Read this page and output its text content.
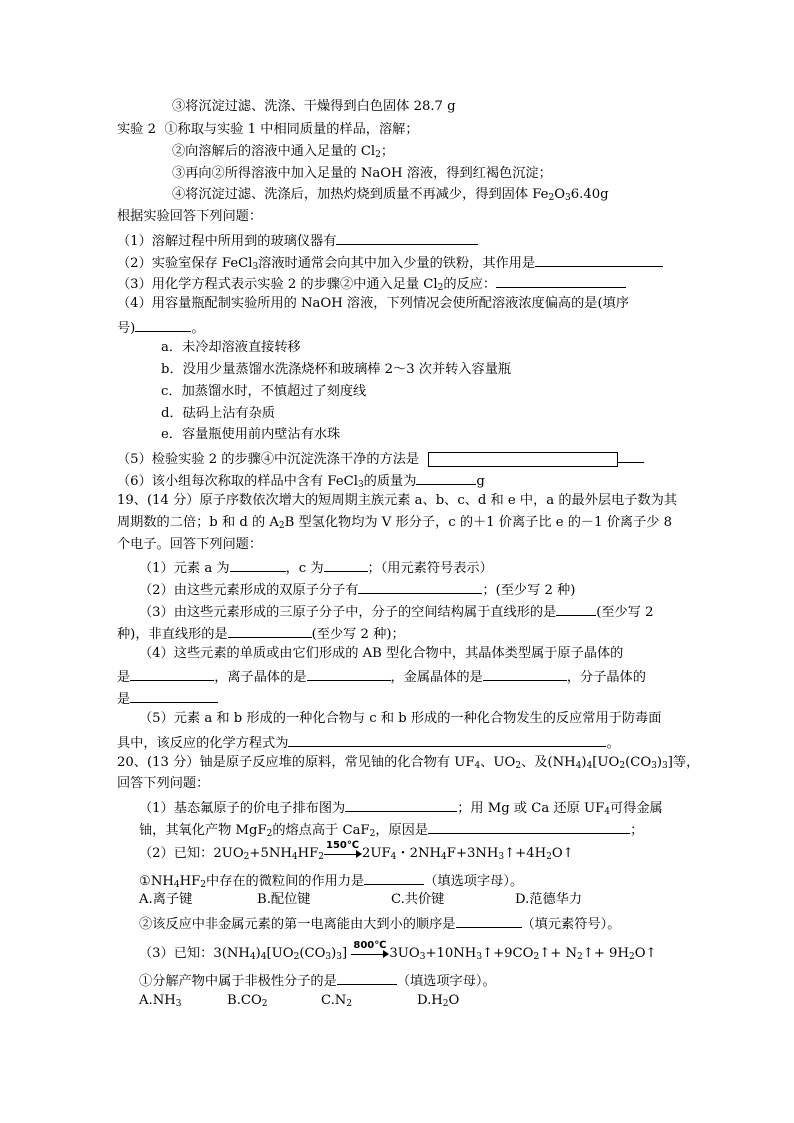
③将沉淀过滤、洗涤、干燥得到白色固体 28.7 g
实验 2 ①称取与实验 1 中相同质量的样品，溶解；
②向溶解后的溶液中通入足量的 $Cl_2$；
③再向②所得溶液中加入足量的 NaOH 溶液，得到红褐色沉淀；
④将沉淀过滤、洗涤后，加热灼烧到质量不再减少，得到固体 $Fe_2O_36.40g$
根据实验回答下列问题：
（1）溶解过程中所用到的玻璃仪器有
（2）实验室保存 FeCl$_3$溶液时通常会向其中加入少量的铁粉，其作用是
（3）用化学方程式表示实验 2 的步骤②中通入足量 $Cl_2$的反应：
（4）用容量瓶配制实验所用的 NaOH 溶液，下列情况会使所配溶液浓度偏高的是(填序
号)	。
a．未冷却溶液直接转移
b．没用少量蒸馏水洗涤烧杯和玻璃棒 2～3 次并转入容量瓶
c．加蒸馏水时，不慎超过了刻度线
d．砝码上沾有杂质
e．容量瓶使用前内壁沾有水珠
（5）检验实验 2 的步骤④中沉淀洗涤干净的方法是
（6）该小组每次称取的样品中含有 FeCl$_3$的质量为	g
19、(14 分）原子序数依次增大的短周期主族元素 a、b、c、d 和 e 中，a 的最外层电子数为其
周期数的二倍；b 和 d 的 $A_2B$ 型氢化物均为 V 形分子，c 的＋1 价离子比 e 的－1 价离子少 8
个电子。回答下列问题：
（1）元素 a 为	，c 为	；（用元素符号表示）
（2）由这些元素形成的双原子分子有	；(至少写 2 种)
（3）由这些元素形成的三原子分子中，分子的空间结构属于直线形的是	(至少写 2
种)，非直线形的是	(至少写 2 种)；
（4）这些元素的单质或由它们形成的 AB 型化合物中，其晶体类型属于原子晶体的
是	，离子晶体的是	，金属晶体的是	，分子晶体的
是
（5）元素 a 和 b 形成的一种化合物与 c 和 b 形成的一种化合物发生的反应常用于防毒面
具中，该反应的化学方程式为	。
20、(13 分）铀是原子反应堆的原料，常见铀的化合物有 $UF_4$、$UO_2$、及$(NH_4)_4[UO_2(CO_3)_3]$等，
回答下列问题：
（1）基态氟原子的价电子排布图为	；用 Mg 或 Ca 还原 $UF_4$可得金属
铀，其氧化产物 MgF$_2$的熔点高于 CaF$_2$，原因是	；
（2）已知：$2UO_2+5NH_4HF_2$
150℃
$2UF_4$・$2NH_4F+3NH_3↑+4H_2O↑$
$①NH_4HF_2$中存在的微粒间的作用力是	（填选项字母）。
A.离子键	B.配位键	C.共价键	D.范德华力
②该反应中非金属元素的第一电离能由大到小的顺序是	（填元素符号）。
（3）已知：$3(NH_4)_4[UO_2(CO_3)_3]$
800℃
$3UO_3+10NH_3↑+9CO_2↑+$ $N_2↑+$ $9H_2O↑$
①分解产物中属于非极性分子的是	（填选项字母）。
$A.NH_3$	$B.CO_2$	$C.N_2$	$D.H_2O$
